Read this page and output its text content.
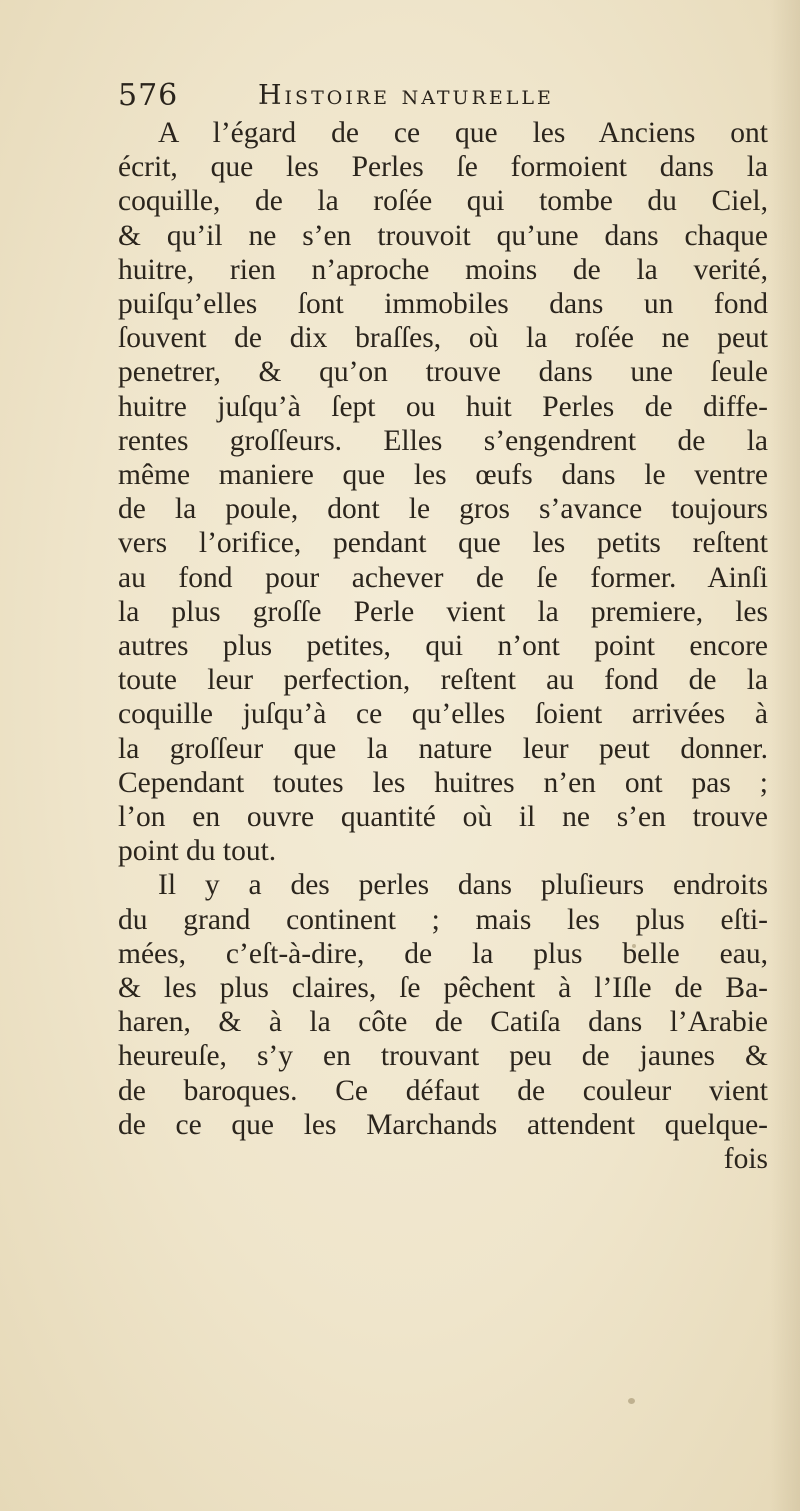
576	Histoire naturelle
A l’égard de ce que les Anciens ont
écrit, que les Perles ſe formoient dans la
coquille, de la roſée qui tombe du Ciel,
& qu’il ne s’en trouvoit qu’une dans chaque
huitre, rien n’aproche moins de la verité,
puiſqu’elles ſont immobiles dans un fond
ſouvent de dix braſſes, où la roſée ne peut
penetrer, & qu’on trouve dans une ſeule
huitre juſqu’à ſept ou huit Perles de diffe-
rentes groſſeurs. Elles s’engendrent de la
même maniere que les œufs dans le ventre
de la poule, dont le gros s’avance toujours
vers l’orifice, pendant que les petits reſtent
au fond pour achever de ſe former. Ainſi
la plus groſſe Perle vient la premiere, les
autres plus petites, qui n’ont point encore
toute leur perfection, reſtent au fond de la
coquille juſqu’à ce qu’elles ſoient arrivées à
la groſſeur que la nature leur peut donner.
Cependant toutes les huitres n’en ont pas ;
l’on en ouvre quantité où il ne s’en trouve
point du tout.
Il y a des perles dans pluſieurs endroits
du grand continent ; mais les plus eſti-
mées, c’eſt-à-dire, de la plus belle eau,
& les plus claires, ſe pêchent à l’Iſle de Ba-
haren, & à la côte de Catiſa dans l’Arabie
heureuſe, s’y en trouvant peu de jaunes &
de baroques. Ce défaut de couleur vient
de ce que les Marchands attendent quelque-
fois
